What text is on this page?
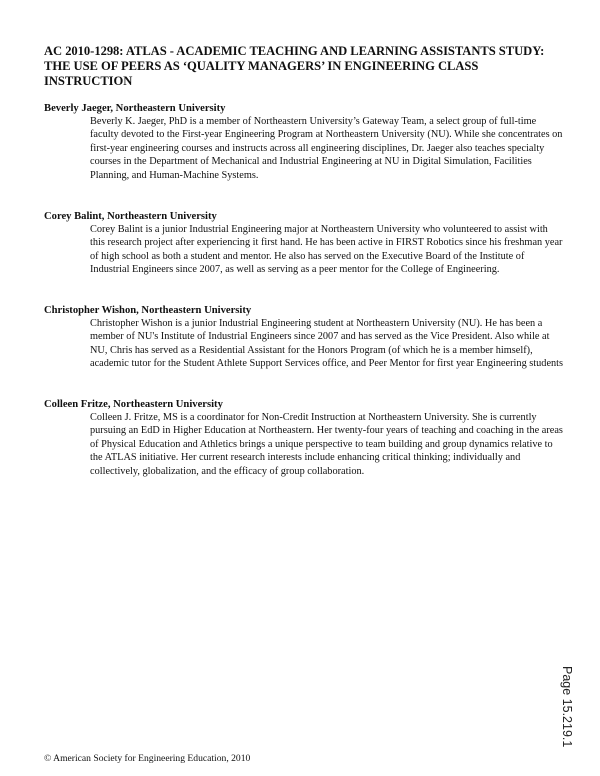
AC 2010-1298: ATLAS - ACADEMIC TEACHING AND LEARNING ASSISTANTS STUDY: THE USE OF PEERS AS ‘QUALITY MANAGERS’ IN ENGINEERING CLASS INSTRUCTION

Beverly Jaeger, Northeastern University

Beverly K. Jaeger, PhD is a member of Northeastern University’s Gateway Team, a select group of full-time faculty devoted to the First-year Engineering Program at Northeastern University (NU). While she concentrates on first-year engineering courses and instructs across all engineering disciplines, Dr. Jaeger also teaches specialty courses in the Department of Mechanical and Industrial Engineering at NU in Digital Simulation, Facilities Planning, and Human-Machine Systems.

Corey Balint, Northeastern University

Corey Balint is a junior Industrial Engineering major at Northeastern University who volunteered to assist with this research project after experiencing it first hand. He has been active in FIRST Robotics since his freshman year of high school as both a student and mentor. He also has served on the Executive Board of the Institute of Industrial Engineers since 2007, as well as serving as a peer mentor for the College of Engineering.

Christopher Wishon, Northeastern University

Christopher Wishon is a junior Industrial Engineering student at Northeastern University (NU). He has been a member of NU's Institute of Industrial Engineers since 2007 and has served as the Vice President. Also while at NU, Chris has served as a Residential Assistant for the Honors Program (of which he is a member himself), academic tutor for the Student Athlete Support Services office, and Peer Mentor for first year Engineering students

Colleen Fritze, Northeastern University

Colleen J. Fritze, MS is a coordinator for Non-Credit Instruction at Northeastern University. She is currently pursuing an EdD in Higher Education at Northeastern. Her twenty-four years of teaching and coaching in the areas of Physical Education and Athletics brings a unique perspective to team building and group dynamics relative to the ATLAS initiative. Her current research interests include enhancing critical thinking; individually and collectively, globalization, and the efficacy of group collaboration.

Page 15.219.1
© American Society for Engineering Education, 2010
